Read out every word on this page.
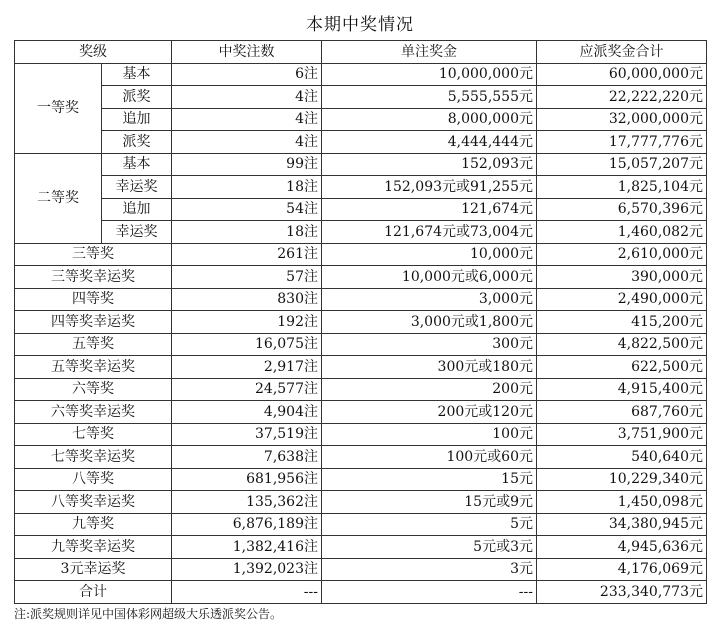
本期中奖情况
奖级		中奖注数	单注奖金	应派奖金合计
一等奖	基本	6注	10,000,000元	60,000,000元
	派奖	4注	5,555,555元	22,222,220元
	追加	4注	8,000,000元	32,000,000元
	派奖	4注	4,444,444元	17,777,776元
二等奖	基本	99注	152,093元	15,057,207元
	幸运奖	18注	152,093元或91,255元	1,825,104元
	追加	54注	121,674元	6,570,396元
	幸运奖	18注	121,674元或73,004元	1,460,082元
三等奖		261注	10,000元	2,610,000元
三等奖幸运奖		57注	10,000元或6,000元	390,000元
四等奖		830注	3,000元	2,490,000元
四等奖幸运奖		192注	3,000元或1,800元	415,200元
五等奖		16,075注	300元	4,822,500元
五等奖幸运奖		2,917注	300元或180元	622,500元
六等奖		24,577注	200元	4,915,400元
六等奖幸运奖		4,904注	200元或120元	687,760元
七等奖		37,519注	100元	3,751,900元
七等奖幸运奖		7,638注	100元或60元	540,640元
八等奖		681,956注	15元	10,229,340元
八等奖幸运奖		135,362注	15元或9元	1,450,098元
九等奖		6,876,189注	5元	34,380,945元
九等奖幸运奖		1,382,416注	5元或3元	4,945,636元
3元幸运奖		1,392,023注	3元	4,176,069元
合计		---	---	233,340,773元
注:派奖规则详见中国体彩网超级大乐透派奖公告。
